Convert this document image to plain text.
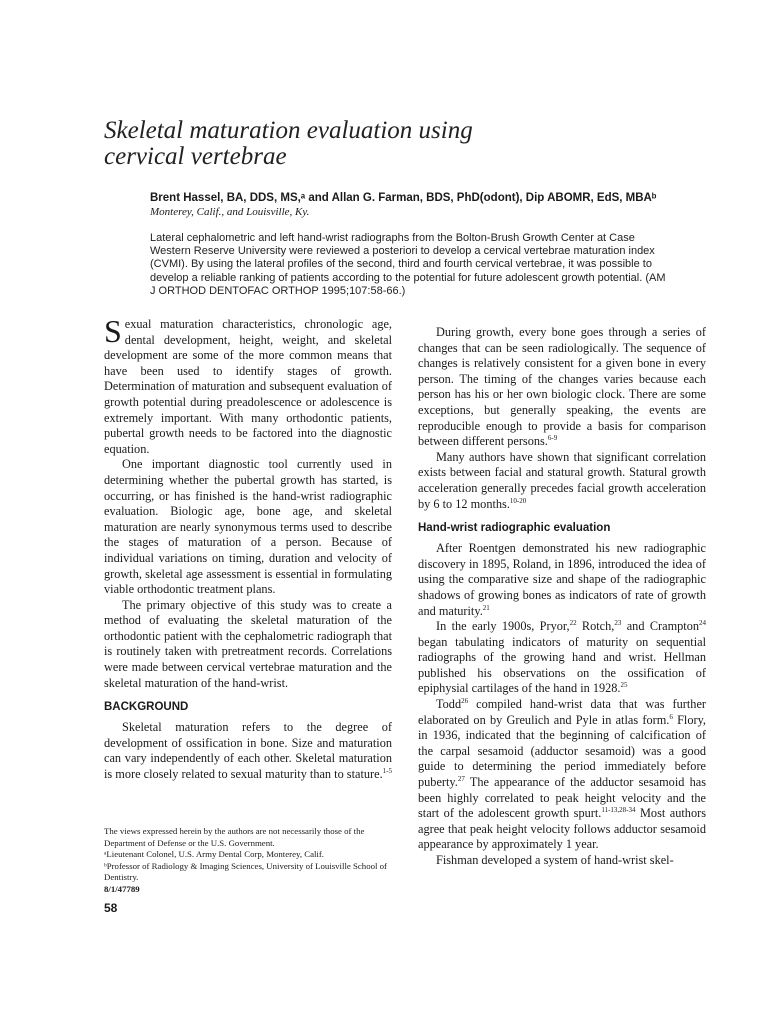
Skeletal maturation evaluation using
cervical vertebrae
Brent Hassel, BA, DDS, MS,ᵃ and Allan G. Farman, BDS, PhD(odont), Dip ABOMR, EdS, MBAᵇ
Monterey, Calif., and Louisville, Ky.
Lateral cephalometric and left hand-wrist radiographs from the Bolton-Brush Growth Center at Case Western Reserve University were reviewed a posteriori to develop a cervical vertebrae maturation index (CVMI). By using the lateral profiles of the second, third and fourth cervical vertebrae, it was possible to develop a reliable ranking of patients according to the potential for future adolescent growth potential. (AM J ORTHOD DENTOFAC ORTHOP 1995;107:58-66.)

Sexual maturation characteristics, chronologic age, dental development, height, weight, and skeletal development are some of the more common means that have been used to identify stages of growth. Determination of maturation and subsequent evaluation of growth potential during preadolescence or adolescence is extremely important. With many orthodontic patients, pubertal growth needs to be factored into the diagnostic equation.

One important diagnostic tool currently used in determining whether the pubertal growth has started, is occurring, or has finished is the hand-wrist radiographic evaluation. Biologic age, bone age, and skeletal maturation are nearly synonymous terms used to describe the stages of maturation of a person. Because of individual variations on timing, duration and velocity of growth, skeletal age assessment is essential in formulating viable orthodontic treatment plans.

The primary objective of this study was to create a method of evaluating the skeletal maturation of the orthodontic patient with the cephalometric radiograph that is routinely taken with pretreatment records. Correlations were made between cervical vertebrae maturation and the skeletal maturation of the hand-wrist.

BACKGROUND

Skeletal maturation refers to the degree of development of ossification in bone. Size and maturation can vary independently of each other. Skeletal maturation is more closely related to sexual maturity than to stature.$^{1-5}$

The views expressed herein by the authors are not necessarily those of the Department of Defense or the U.S. Government.
ᵃLieutenant Colonel, U.S. Army Dental Corp, Monterey, Calif.
ᵇProfessor of Radiology & Imaging Sciences, University of Louisville School of Dentistry.
8/1/47789
58

During growth, every bone goes through a series of changes that can be seen radiologically. The sequence of changes is relatively consistent for a given bone in every person. The timing of the changes varies because each person has his or her own biologic clock. There are some exceptions, but generally speaking, the events are reproducible enough to provide a basis for comparison between different persons.$^{6-9}$

Many authors have shown that significant correlation exists between facial and statural growth. Statural growth acceleration generally precedes facial growth acceleration by 6 to 12 months.$^{10-20}$

Hand-wrist radiographic evaluation

After Roentgen demonstrated his new radiographic discovery in 1895, Roland, in 1896, introduced the idea of using the comparative size and shape of the radiographic shadows of growing bones as indicators of rate of growth and maturity.$^{21}$

In the early 1900s, Pryor,$^{22}$ Rotch,$^{23}$ and Crampton$^{24}$ began tabulating indicators of maturity on sequential radiographs of the growing hand and wrist. Hellman published his observations on the ossification of epiphysial cartilages of the hand in 1928.25

Todd$^{26}$ compiled hand-wrist data that was further elaborated on by Greulich and Pyle in atlas form.$^6$ Flory, in 1936, indicated that the beginning of calcification of the carpal sesamoid (adductor sesamoid) was a good guide to determining the period immediately before puberty.$^{27}$ The appearance of the adductor sesamoid has been highly correlated to peak height velocity and the start of the adolescent growth spurt.$^{11-13,28-34}$ Most authors agree that peak height velocity follows adductor sesamoid appearance by approximately 1 year.

Fishman developed a system of hand-wrist skel-
